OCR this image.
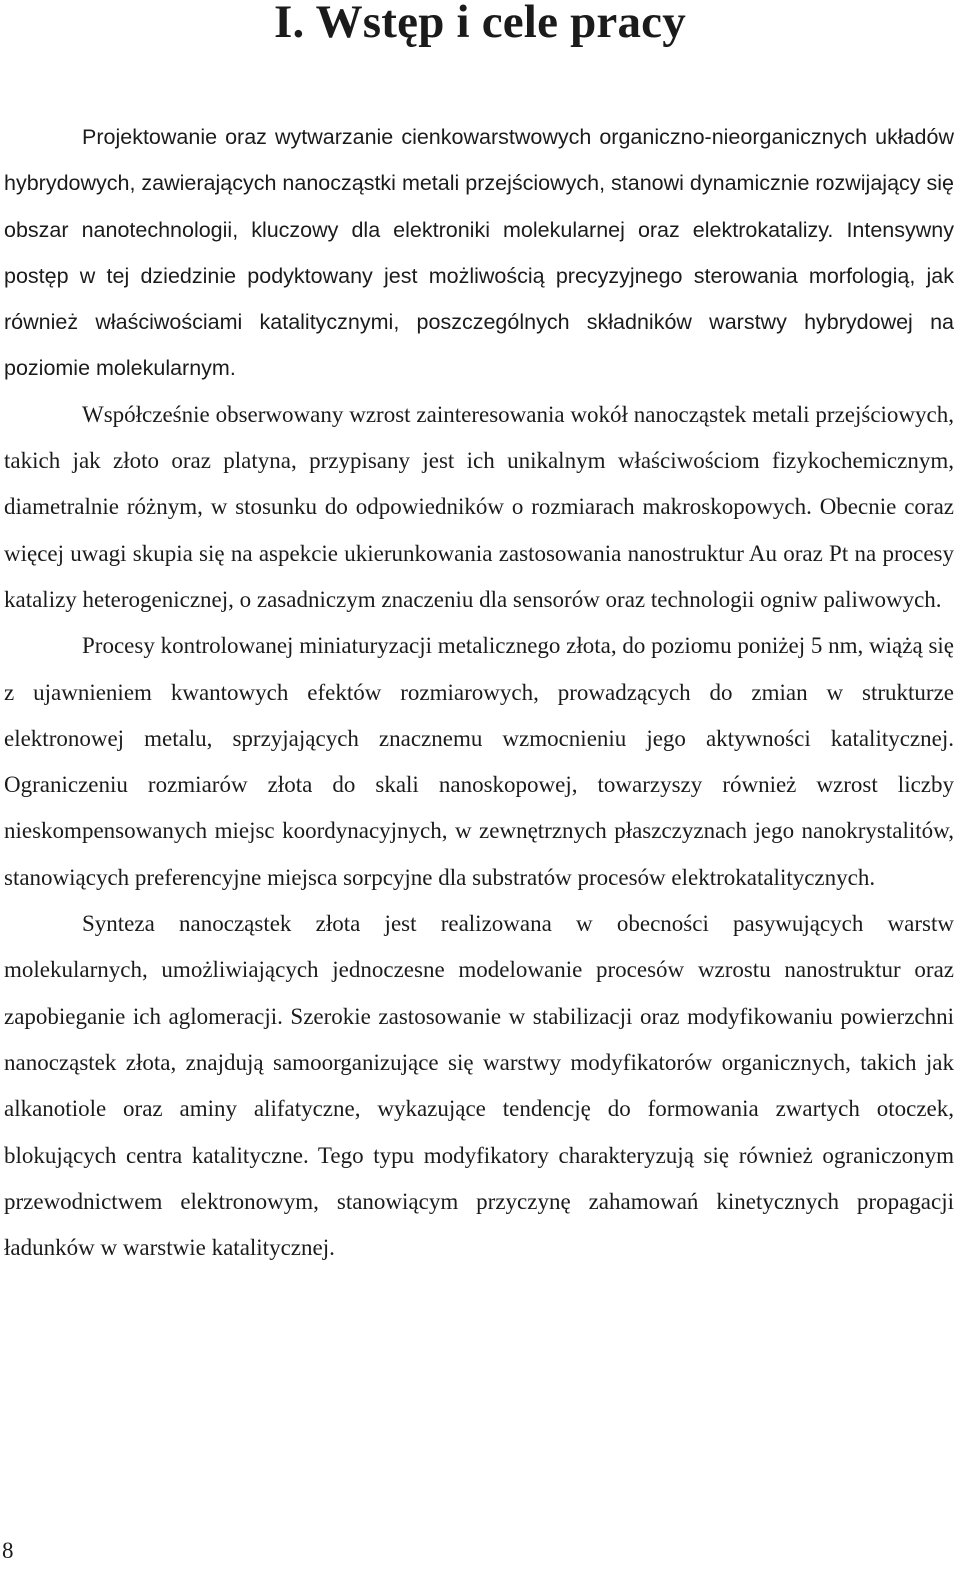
I. Wstęp i cele pracy

Projektowanie oraz wytwarzanie cienkowarstwowych organiczno-nieorganicznych układów hybrydowych, zawierających nanocząstki metali przejściowych, stanowi dynamicznie rozwijający się obszar nanotechnologii, kluczowy dla elektroniki molekularnej oraz elektrokatalizy. Intensywny postęp w tej dziedzinie podyktowany jest możliwością precyzyjnego sterowania morfologią, jak również właściwościami katalitycznymi, poszczególnych składników warstwy hybrydowej na poziomie molekularnym.

Współcześnie obserwowany wzrost zainteresowania wokół nanocząstek metali przejściowych, takich jak złoto oraz platyna, przypisany jest ich unikalnym właściwościom fizykochemicznym, diametralnie różnym, w stosunku do odpowiedników o rozmiarach makroskopowych. Obecnie coraz więcej uwagi skupia się na aspekcie ukierunkowania zastosowania nanostruktur Au oraz Pt na procesy katalizy heterogenicznej, o zasadniczym znaczeniu dla sensorów oraz technologii ogniw paliwowych.

Procesy kontrolowanej miniaturyzacji metalicznego złota, do poziomu poniżej 5 nm, wiążą się z ujawnieniem kwantowych efektów rozmiarowych, prowadzących do zmian w strukturze elektronowej metalu, sprzyjających znacznemu wzmocnieniu jego aktywności katalitycznej. Ograniczeniu rozmiarów złota do skali nanoskopowej, towarzyszy również wzrost liczby nieskompensowanych miejsc koordynacyjnych, w zewnętrznych płaszczyznach jego nanokrystalitów, stanowiących preferencyjne miejsca sorpcyjne dla substratów procesów elektrokatalitycznych.

Synteza nanocząstek złota jest realizowana w obecności pasywujących warstw molekularnych, umożliwiających jednoczesne modelowanie procesów wzrostu nanostruktur oraz zapobieganie ich aglomeracji. Szerokie zastosowanie w stabilizacji oraz modyfikowaniu powierzchni nanocząstek złota, znajdują samoorganizujące się warstwy modyfikatorów organicznych, takich jak alkanotiole oraz aminy alifatyczne, wykazujące tendencję do formowania zwartych otoczek, blokujących centra katalityczne. Tego typu modyfikatory charakteryzują się również ograniczonym przewodnictwem elektronowym, stanowiącym przyczynę zahamowań kinetycznych propagacji ładunków w warstwie katalitycznej.

8
